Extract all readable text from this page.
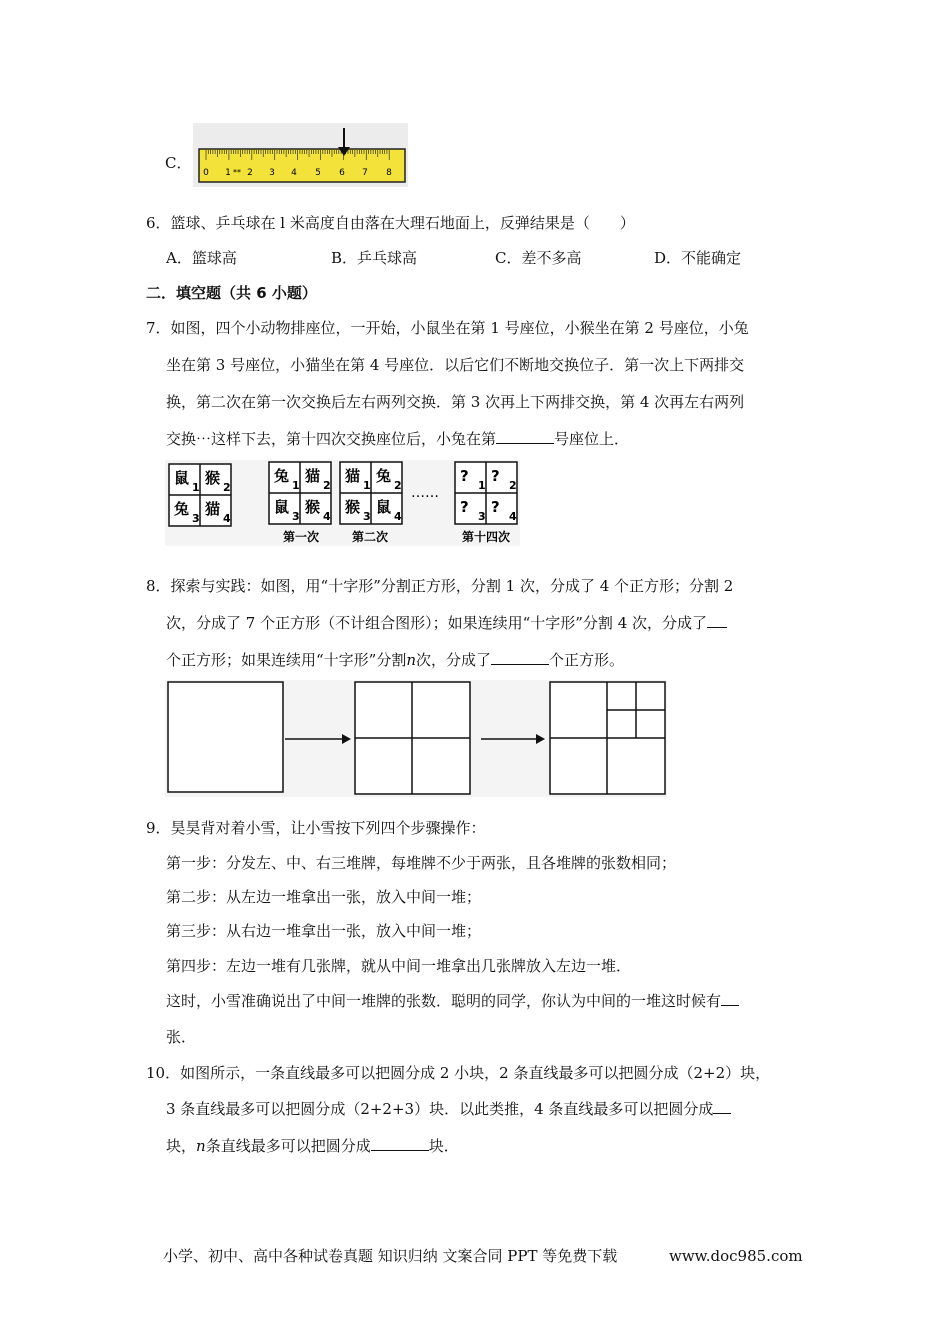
C．
0 1 ** 2 3 4 5 6 7 8
6．篮球、乒乓球在 l 米高度自由落在大理石地面上，反弹结果是（　　）
A．篮球高	B．乒乓球高	C．差不多高	D．不能确定
二．填空题（共 6 小题）
7．如图，四个小动物排座位，一开始，小鼠坐在第 1 号座位，小猴坐在第 2 号座位，小兔
坐在第 3 号座位，小猫坐在第 4 号座位．以后它们不断地交换位子．第一次上下两排交
换，第二次在第一次交换后左右两列交换．第 3 次再上下两排交换，第 4 次再左右两列
交换⋯这样下去，第十四次交换座位后，小兔在第	号座位上．
鼠
1
猴
2
兔
3
猫
4
兔
1
猫
2
鼠
3
猴
4
猫
1
兔
2
猴
3
鼠
4
?
1
?
2
?
3
?
4
……
第一次	第二次	第十四次
8．探索与实践：如图，用“十字形”分割正方形，分割 1 次，分成了 4 个正方形；分割 2
次，分成了 7 个正方形（不计组合图形）；如果连续用“十字形”分割 4 次，分成了
个正方形；如果连续用“十字形”分割n次，分成了	个正方形。
9．昊昊背对着小雪，让小雪按下列四个步骤操作：
第一步：分发左、中、右三堆牌，每堆牌不少于两张，且各堆牌的张数相同；
第二步：从左边一堆拿出一张，放入中间一堆；
第三步：从右边一堆拿出一张，放入中间一堆；
第四步：左边一堆有几张牌，就从中间一堆拿出几张牌放入左边一堆．
这时，小雪准确说出了中间一堆牌的张数．聪明的同学，你认为中间的一堆这时候有
张．
10．如图所示，一条直线最多可以把圆分成 2 小块，2 条直线最多可以把圆分成（2+2）块，
3 条直线最多可以把圆分成（2+2+3）块．以此类推，4 条直线最多可以把圆分成
块，n条直线最多可以把圆分成	块．
小学、初中、高中各种试卷真题 知识归纳 文案合同 PPT 等免费下载	www.doc985.com
